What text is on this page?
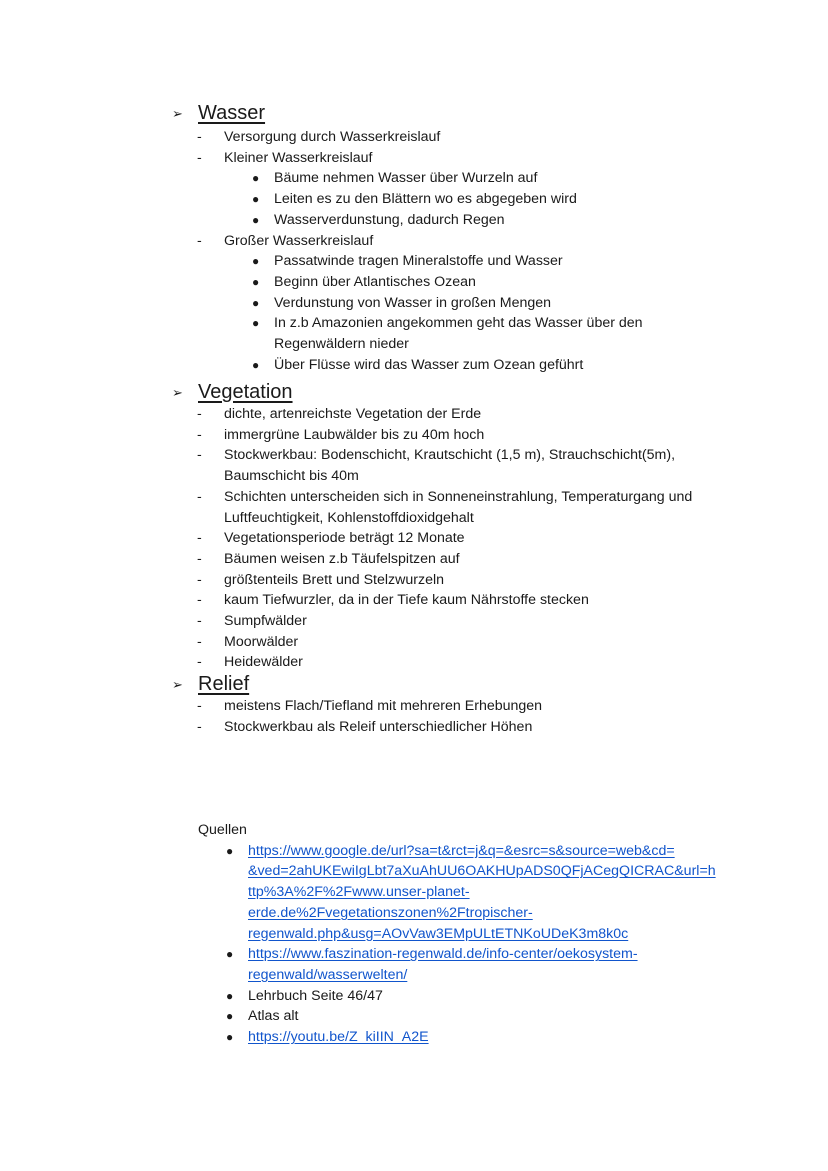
➢ Wasser
- Versorgung durch Wasserkreislauf
- Kleiner Wasserkreislauf
● Bäume nehmen Wasser über Wurzeln auf
● Leiten es zu den Blättern wo es abgegeben wird
● Wasserverdunstung, dadurch Regen
- Großer Wasserkreislauf
● Passatwinde tragen Mineralstoffe und Wasser
● Beginn über Atlantisches Ozean
● Verdunstung von Wasser in großen Mengen
● In z.b Amazonien angekommen geht das Wasser über den
Regenwäldern nieder
● Über Flüsse wird das Wasser zum Ozean geführt
➢ Vegetation
- dichte, artenreichste Vegetation der Erde
- immergrüne Laubwälder bis zu 40m hoch
- Stockwerkbau: Bodenschicht, Krautschicht (1,5 m), Strauchschicht(5m),
Baumschicht bis 40m
- Schichten unterscheiden sich in Sonneneinstrahlung, Temperaturgang und
Luftfeuchtigkeit, Kohlenstoffdioxidgehalt
- Vegetationsperiode beträgt 12 Monate
- Bäumen weisen z.b Täufelspitzen auf
- größtenteils Brett und Stelzwurzeln
- kaum Tiefwurzler, da in der Tiefe kaum Nährstoffe stecken
- Sumpfwälder
- Moorwälder
- Heidewälder
➢ Relief
- meistens Flach/Tiefland mit mehreren Erhebungen
- Stockwerkbau als Releif unterschiedlicher Höhen
Quellen
● https://www.google.de/url?sa=t&rct=j&q=&esrc=s&source=web&cd=
&ved=2ahUKEwiIgLbt7aXuAhUU6OAKHUpADS0QFjACegQICRAC&url=h
ttp%3A%2F%2Fwww.unser-planet-
erde.de%2Fvegetationszonen%2Ftropischer-
regenwald.php&usg=AOvVaw3EMpULtETNKoUDeK3m8k0c
● https://www.faszination-regenwald.de/info-center/oekosystem-
regenwald/wasserwelten/
● Lehrbuch Seite 46/47
● Atlas alt
● https://youtu.be/Z_kiIIN_A2E
